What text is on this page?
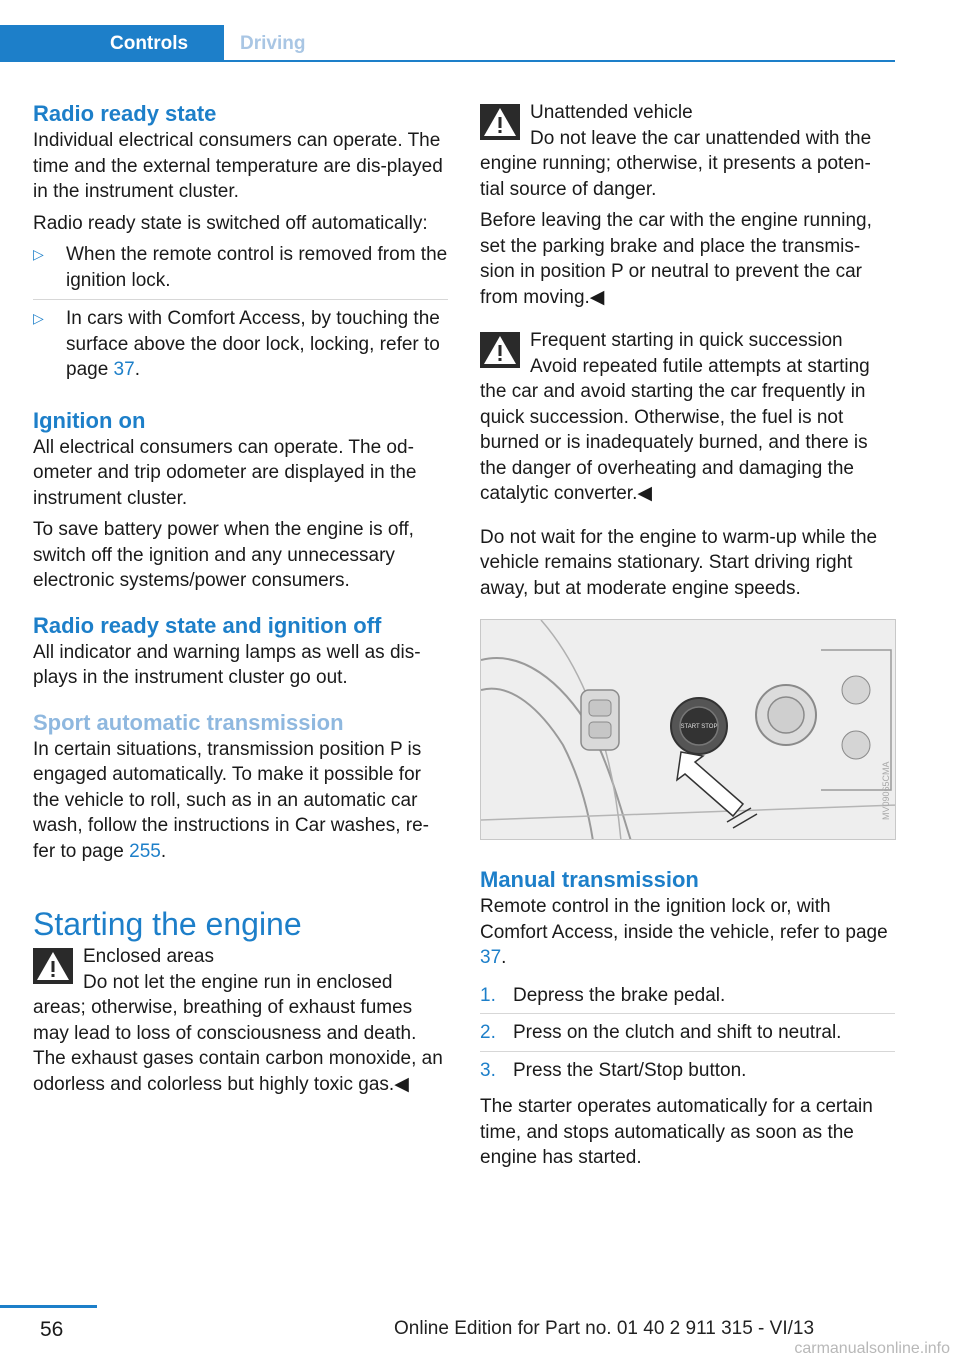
Controls	Driving
Radio ready state

Individual electrical consumers can operate. The time and the external temperature are dis-played in the instrument cluster.

Radio ready state is switched off automatically:

▷ When the remote control is removed from the ignition lock.
▷ In cars with Comfort Access, by touching the surface above the door lock, locking, refer to page 37.
Ignition on

All electrical consumers can operate. The od-ometer and trip odometer are displayed in the instrument cluster.

To save battery power when the engine is off, switch off the ignition and any unnecessary electronic systems/power consumers.

Radio ready state and ignition off

All indicator and warning lamps as well as dis-plays in the instrument cluster go out.

Sport automatic transmission

In certain situations, transmission position P is engaged automatically. To make it possible for the vehicle to roll, such as in an automatic car wash, follow the instructions in Car washes, re-fer to page 255.

Starting the engine
Enclosed areas
Do not let the engine run in enclosed areas; otherwise, breathing of exhaust fumes may lead to loss of consciousness and death. The exhaust gases contain carbon monoxide, an odorless and colorless but highly toxic gas.◀
Unattended vehicle
Do not leave the car unattended with the engine running; otherwise, it presents a poten-tial source of danger.

Before leaving the car with the engine running, set the parking brake and place the transmis-sion in position P or neutral to prevent the car from moving.◀

Frequent starting in quick succession
Avoid repeated futile attempts at starting the car and avoid starting the car frequently in quick succession. Otherwise, the fuel is not burned or is inadequately burned, and there is the danger of overheating and damaging the catalytic converter.◀

Do not wait for the engine to warm-up while the vehicle remains stationary. Start driving right away, but at moderate engine speeds.

START STOP
MV09065CMA
Manual transmission

Remote control in the ignition lock or, with Comfort Access, inside the vehicle, refer to page 37.

1. Depress the brake pedal.
2. Press on the clutch and shift to neutral.
3. Press the Start/Stop button.

The starter operates automatically for a certain time, and stops automatically as soon as the engine has started.

56	Online Edition for Part no. 01 40 2 911 315 - VI/13
carmanualsonline.info
